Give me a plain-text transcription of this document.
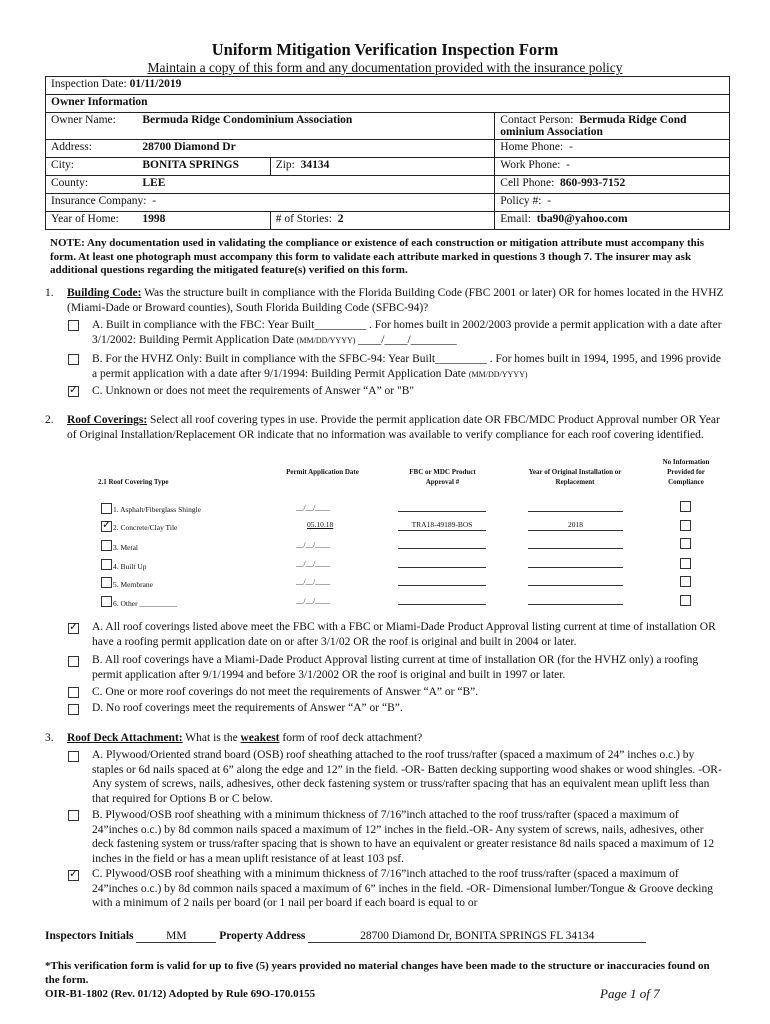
Uniform Mitigation Verification Inspection Form
Maintain a copy of this form and any documentation provided with the insurance policy
Inspection Date: 01/11/2019			
Owner Information			
Owner Name:	Bermuda Ridge Condominium Association		Contact Person: Bermuda Ridge Cond
ominium Association
Address:	28700 Diamond Dr		Home Phone: -
City:	BONITA SPRINGS	Zip: 34134	Work Phone: -
County:	LEE		Cell Phone: 860-993-7152
Insurance Company: -			Policy #: -
Year of Home:	1998	# of Stories: 2	Email: tba90@yahoo.com
NOTE: Any documentation used in validating the compliance or existence of each construction or mitigation attribute must accompany this form. At least one photograph must accompany this form to validate each attribute marked in questions 3 though 7. The insurer may ask additional questions regarding the mitigated feature(s) verified on this form.
1. Building Code: Was the structure built in compliance with the Florida Building Code (FBC 2001 or later) OR for homes located in the HVHZ (Miami-Dade or Broward counties), South Florida Building Code (SFBC-94)?
A. Built in compliance with the FBC: Year Built_________ . For homes built in 2002/2003 provide a permit application with a date after 3/1/2002: Building Permit Application Date (MM/DD/YYYY) ____/____/________
B. For the HVHZ Only: Built in compliance with the SFBC-94: Year Built_________ . For homes built in 1994, 1995, and 1996 provide a permit application with a date after 9/1/1994: Building Permit Application Date (MM/DD/YYYY)
✓
C. Unknown or does not meet the requirements of Answer “A” or "B"
2. Roof Coverings: Select all roof covering types in use. Provide the permit application date OR FBC/MDC Product Approval number OR Year of Original Installation/Replacement OR indicate that no information was available to verify compliance for each roof covering identified.
2.1 Roof Covering Type
Permit Application Date	FBC or MDC Product Approval #
Year of Original Installation or Replacement
No Information Provided for Compliance
1. Asphalt/Fiberglass Shingle	__/__/____
✓
2. Concrete/Clay Tile	05.10.18	TRA18-49189-BOS	2018
3. Metal	__/__/____
4. Built Up	__/__/____
5. Membrane	__/__/____
6. Other __________	__/__/____
✓
A. All roof coverings listed above meet the FBC with a FBC or Miami-Dade Product Approval listing current at time of installation OR have a roofing permit application date on or after 3/1/02 OR the roof is original and built in 2004 or later.
B. All roof coverings have a Miami-Dade Product Approval listing current at time of installation OR (for the HVHZ only) a roofing permit application after 9/1/1994 and before 3/1/2002 OR the roof is original and built in 1997 or later.
C. One or more roof coverings do not meet the requirements of Answer “A” or “B”.
D. No roof coverings meet the requirements of Answer “A” or “B”.
3. Roof Deck Attachment: What is the weakest form of roof deck attachment?
A. Plywood/Oriented strand board (OSB) roof sheathing attached to the roof truss/rafter (spaced a maximum of 24” inches o.c.) by staples or 6d nails spaced at 6” along the edge and 12” in the field. -OR- Batten decking supporting wood shakes or wood shingles. -OR- Any system of screws, nails, adhesives, other deck fastening system or truss/rafter spacing that has an equivalent mean uplift less than that required for Options B or C below.
B. Plywood/OSB roof sheathing with a minimum thickness of 7/16”inch attached to the roof truss/rafter (spaced a maximum of 24”inches o.c.) by 8d common nails spaced a maximum of 12” inches in the field.-OR- Any system of screws, nails, adhesives, other deck fastening system or truss/rafter spacing that is shown to have an equivalent or greater resistance 8d nails spaced a maximum of 12 inches in the field or has a mean uplift resistance of at least 103 psf.
✓
C. Plywood/OSB roof sheathing with a minimum thickness of 7/16”inch attached to the roof truss/rafter (spaced a maximum of 24”inches o.c.) by 8d common nails spaced a maximum of 6” inches in the field. -OR- Dimensional lumber/Tongue & Groove decking with a minimum of 2 nails per board (or 1 nail per board if each board is equal to or
Inspectors Initials	MM	Property Address	28700 Diamond Dr, BONITA SPRINGS FL 34134
*This verification form is valid for up to five (5) years provided no material changes have been made to the structure or inaccuracies found on the form.
OIR-B1-1802 (Rev. 01/12) Adopted by Rule 69O-170.0155	Page 1 of 7
